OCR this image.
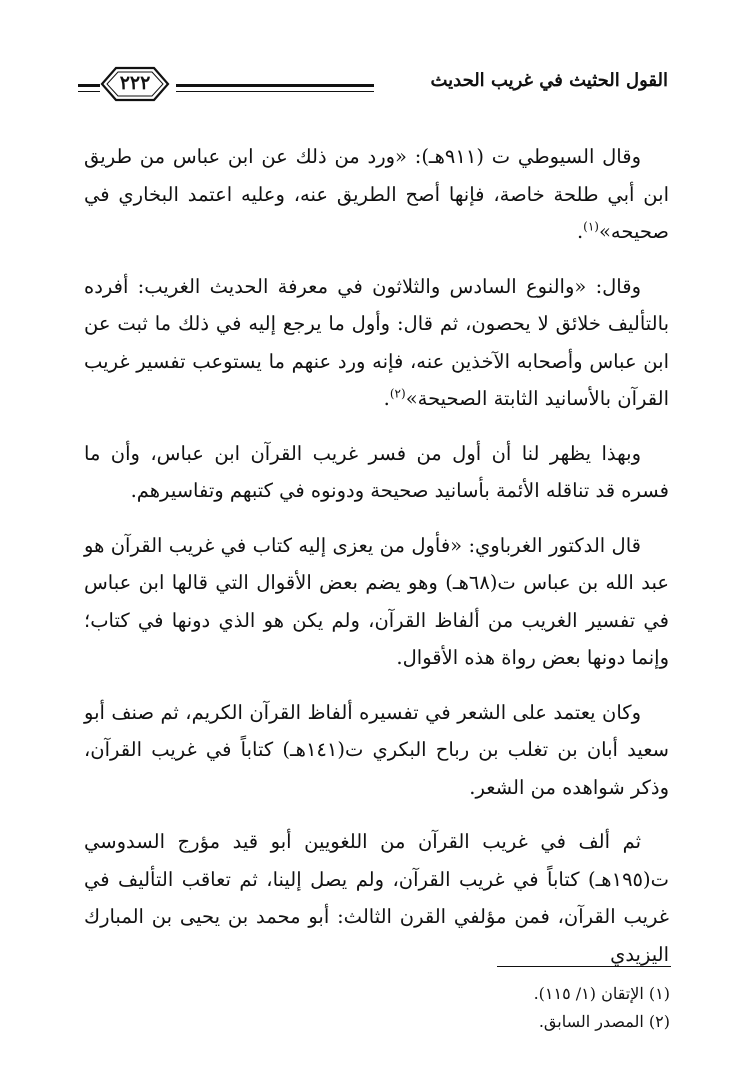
٢٢٢	القول الحثيث في غريب الحديث

وقال السيوطي ت (٩١١هـ): «ورد من ذلك عن ابن عباس من طريق ابن أبي طلحة خاصة، فإنها أصح الطريق عنه، وعليه اعتمد البخاري في صحيحه»$^{(١)}$.

وقال: «والنوع السادس والثلاثون في معرفة الحديث الغريب: أفرده بالتأليف خلائق لا يحصون، ثم قال: وأول ما يرجع إليه في ذلك ما ثبت عن ابن عباس وأصحابه الآخذين عنه، فإنه ورد عنهم ما يستوعب تفسير غريب القرآن بالأسانيد الثابتة الصحيحة»$^{(٢)}$.

وبهذا يظهر لنا أن أول من فسر غريب القرآن ابن عباس، وأن ما فسره قد تناقله الأئمة بأسانيد صحيحة ودونوه في كتبهم وتفاسيرهم.

قال الدكتور الغرباوي: «فأول من يعزى إليه كتاب في غريب القرآن هو عبد الله بن عباس ت(٦٨هـ) وهو يضم بعض الأقوال التي قالها ابن عباس في تفسير الغريب من ألفاظ القرآن، ولم يكن هو الذي دونها في كتاب؛ وإنما دونها بعض رواة هذه الأقوال.

وكان يعتمد على الشعر في تفسيره ألفاظ القرآن الكريم، ثم صنف أبو سعيد أبان بن تغلب بن رباح البكري ت(١٤١هـ) كتاباً في غريب القرآن، وذكر شواهده من الشعر.

ثم ألف في غريب القرآن من اللغويين أبو قيد مؤرج السدوسي ت(١٩٥هـ) كتاباً في غريب القرآن، ولم يصل إلينا، ثم تعاقب التأليف في غريب القرآن، فمن مؤلفي القرن الثالث: أبو محمد بن يحيى بن المبارك اليزيدي

(١) الإتقان (١/ ١١٥).
(٢) المصدر السابق.
